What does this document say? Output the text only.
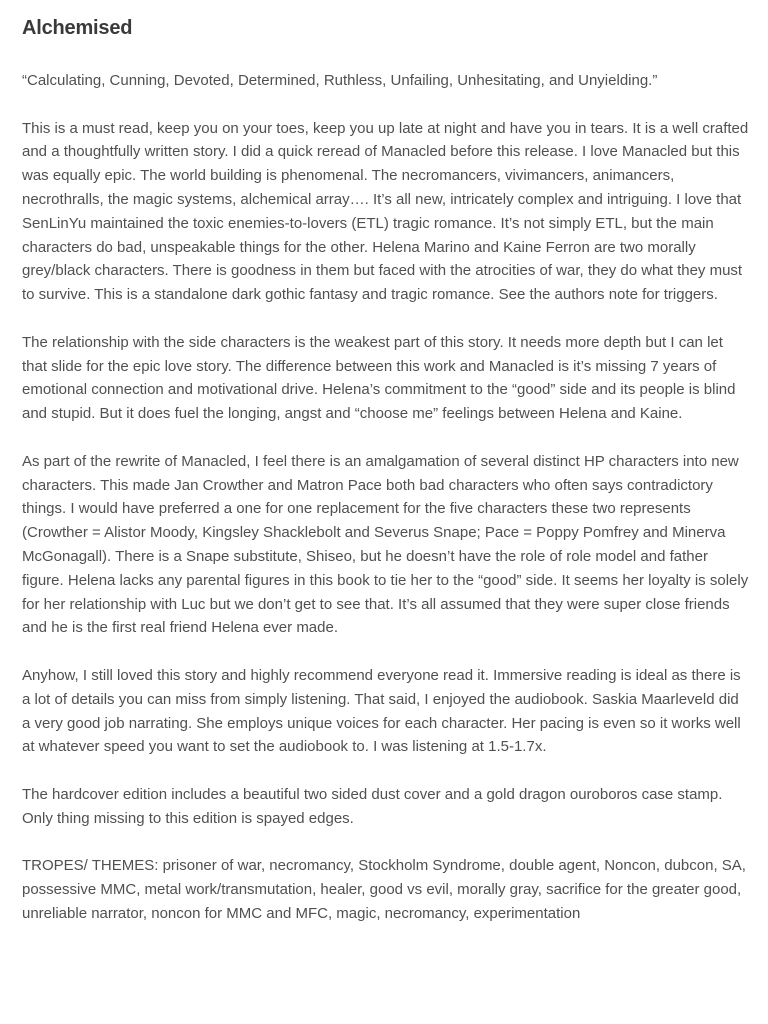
Alchemised

“Calculating, Cunning, Devoted, Determined, Ruthless, Unfailing, Unhesitating, and Unyielding.”

This is a must read, keep you on your toes, keep you up late at night and have you in tears. It is a well crafted and a thoughtfully written story. I did a quick reread of Manacled before this release. I love Manacled but this was equally epic. The world building is phenomenal. The necromancers, vivimancers, animancers, necrothralls, the magic systems, alchemical array…. It’s all new, intricately complex and intriguing. I love that SenLinYu maintained the toxic enemies-to-lovers (ETL) tragic romance. It’s not simply ETL, but the main characters do bad, unspeakable things for the other. Helena Marino and Kaine Ferron are two morally grey/black characters. There is goodness in them but faced with the atrocities of war, they do what they must to survive. This is a standalone dark gothic fantasy and tragic romance. See the authors note for triggers.

The relationship with the side characters is the weakest part of this story. It needs more depth but I can let that slide for the epic love story. The difference between this work and Manacled is it’s missing 7 years of emotional connection and motivational drive. Helena’s commitment to the “good” side and its people is blind and stupid. But it does fuel the longing, angst and “choose me” feelings between Helena and Kaine.

As part of the rewrite of Manacled, I feel there is an amalgamation of several distinct HP characters into new characters. This made Jan Crowther and Matron Pace both bad characters who often says contradictory things. I would have preferred a one for one replacement for the five characters these two represents (Crowther = Alistor Moody, Kingsley Shacklebolt and Severus Snape; Pace = Poppy Pomfrey and Minerva McGonagall). There is a Snape substitute, Shiseo, but he doesn’t have the role of role model and father figure. Helena lacks any parental figures in this book to tie her to the “good” side. It seems her loyalty is solely for her relationship with Luc but we don’t get to see that. It’s all assumed that they were super close friends and he is the first real friend Helena ever made.

Anyhow, I still loved this story and highly recommend everyone read it. Immersive reading is ideal as there is a lot of details you can miss from simply listening. That said, I enjoyed the audiobook. Saskia Maarleveld did a very good job narrating. She employs unique voices for each character. Her pacing is even so it works well at whatever speed you want to set the audiobook to. I was listening at 1.5-1.7x.

The hardcover edition includes a beautiful two sided dust cover and a gold dragon ouroboros case stamp. Only thing missing to this edition is spayed edges.

TROPES/ THEMES: prisoner of war, necromancy, Stockholm Syndrome, double agent, Noncon, dubcon, SA, possessive MMC, metal work/transmutation, healer, good vs evil, morally gray, sacrifice for the greater good, unreliable narrator, noncon for MMC and MFC, magic, necromancy, experimentation
